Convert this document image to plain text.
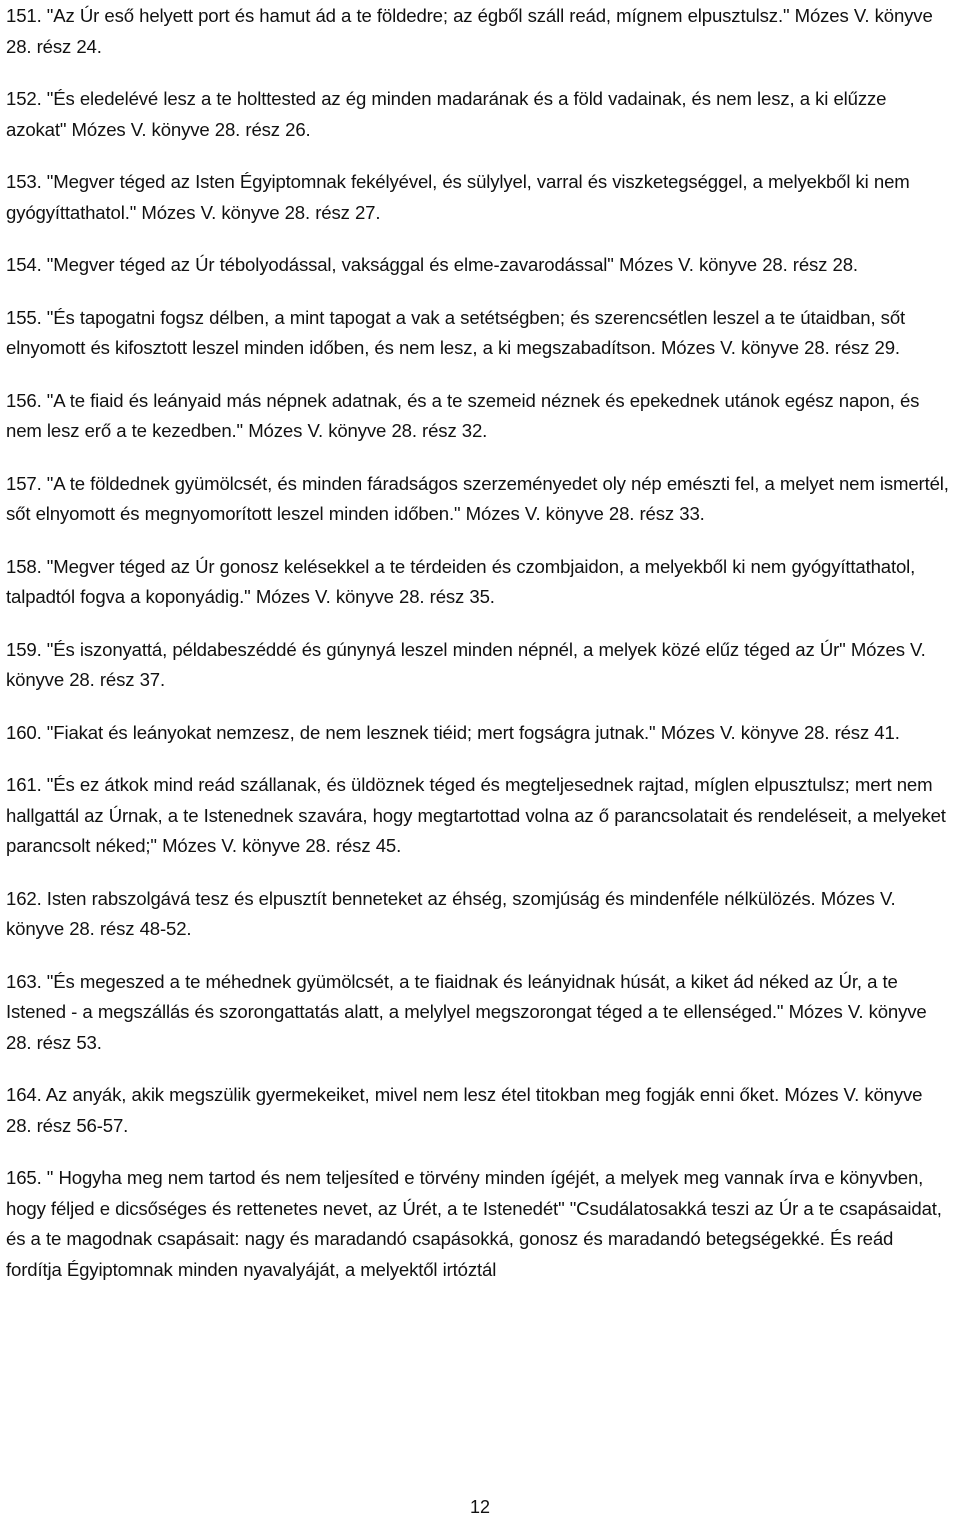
151. "Az Úr eső helyett port és hamut ád a te földedre; az égből száll reád, mígnem elpusztulsz." Mózes V. könyve 28. rész 24.

152. "És eledelévé lesz a te holttested az ég minden madarának és a föld vadainak, és nem lesz, a ki elűzze azokat" Mózes V. könyve 28. rész 26.

153. "Megver téged az Isten Égyiptomnak fekélyével, és sülylyel, varral és viszketegséggel, a melyekből ki nem gyógyíttathatol." Mózes V. könyve 28. rész 27.

154. "Megver téged az Úr tébolyodással, vaksággal és elme-zavarodással" Mózes V. könyve 28. rész 28.

155. "És tapogatni fogsz délben, a mint tapogat a vak a setétségben; és szerencsétlen leszel a te útaidban, sőt elnyomott és kifosztott leszel minden időben, és nem lesz, a ki megszabadítson. Mózes V. könyve 28. rész 29.

156. "A te fiaid és leányaid más népnek adatnak, és a te szemeid néznek és epekednek utánok egész napon, és nem lesz erő a te kezedben." Mózes V. könyve 28. rész 32.

157. "A te földednek gyümölcsét, és minden fáradságos szerzeményedet oly nép emészti fel, a melyet nem ismertél, sőt elnyomott és megnyomorított leszel minden időben." Mózes V. könyve 28. rész 33.

158. "Megver téged az Úr gonosz kelésekkel a te térdeiden és czombjaidon, a melyekből ki nem gyógyíttathatol, talpadtól fogva a koponyádig." Mózes V. könyve 28. rész 35.

159. "És iszonyattá, példabeszéddé és gúnynyá leszel minden népnél, a melyek közé elűz téged az Úr" Mózes V. könyve 28. rész 37.

160. "Fiakat és leányokat nemzesz, de nem lesznek tiéid; mert fogságra jutnak." Mózes V. könyve 28. rész 41.

161. "És ez átkok mind reád szállanak, és üldöznek téged és megteljesednek rajtad, míglen elpusztulsz; mert nem hallgattál az Úrnak, a te Istenednek szavára, hogy megtartottad volna az ő parancsolatait és rendeléseit, a melyeket parancsolt néked;" Mózes V. könyve 28. rész 45.

162. Isten rabszolgává tesz és elpusztít benneteket az éhség, szomjúság és mindenféle nélkülözés. Mózes V. könyve 28. rész 48-52.

163. "És megeszed a te méhednek gyümölcsét, a te fiaidnak és leányidnak húsát, a kiket ád néked az Úr, a te Istened - a megszállás és szorongattatás alatt, a melylyel megszorongat téged a te ellenséged." Mózes V. könyve 28. rész 53.

164. Az anyák, akik megszülik gyermekeiket, mivel nem lesz étel titokban meg fogják enni őket. Mózes V. könyve 28. rész 56-57.

165. " Hogyha meg nem tartod és nem teljesíted e törvény minden ígéjét, a melyek meg vannak írva e könyvben, hogy féljed e dicsőséges és rettenetes nevet, az Úrét, a te Istenedét" "Csudálatosakká teszi az Úr a te csapásaidat, és a te magodnak csapásait: nagy és maradandó csapásokká, gonosz és maradandó betegségekké. És reád fordítja Égyiptomnak minden nyavalyáját, a melyektől irtóztál

12
